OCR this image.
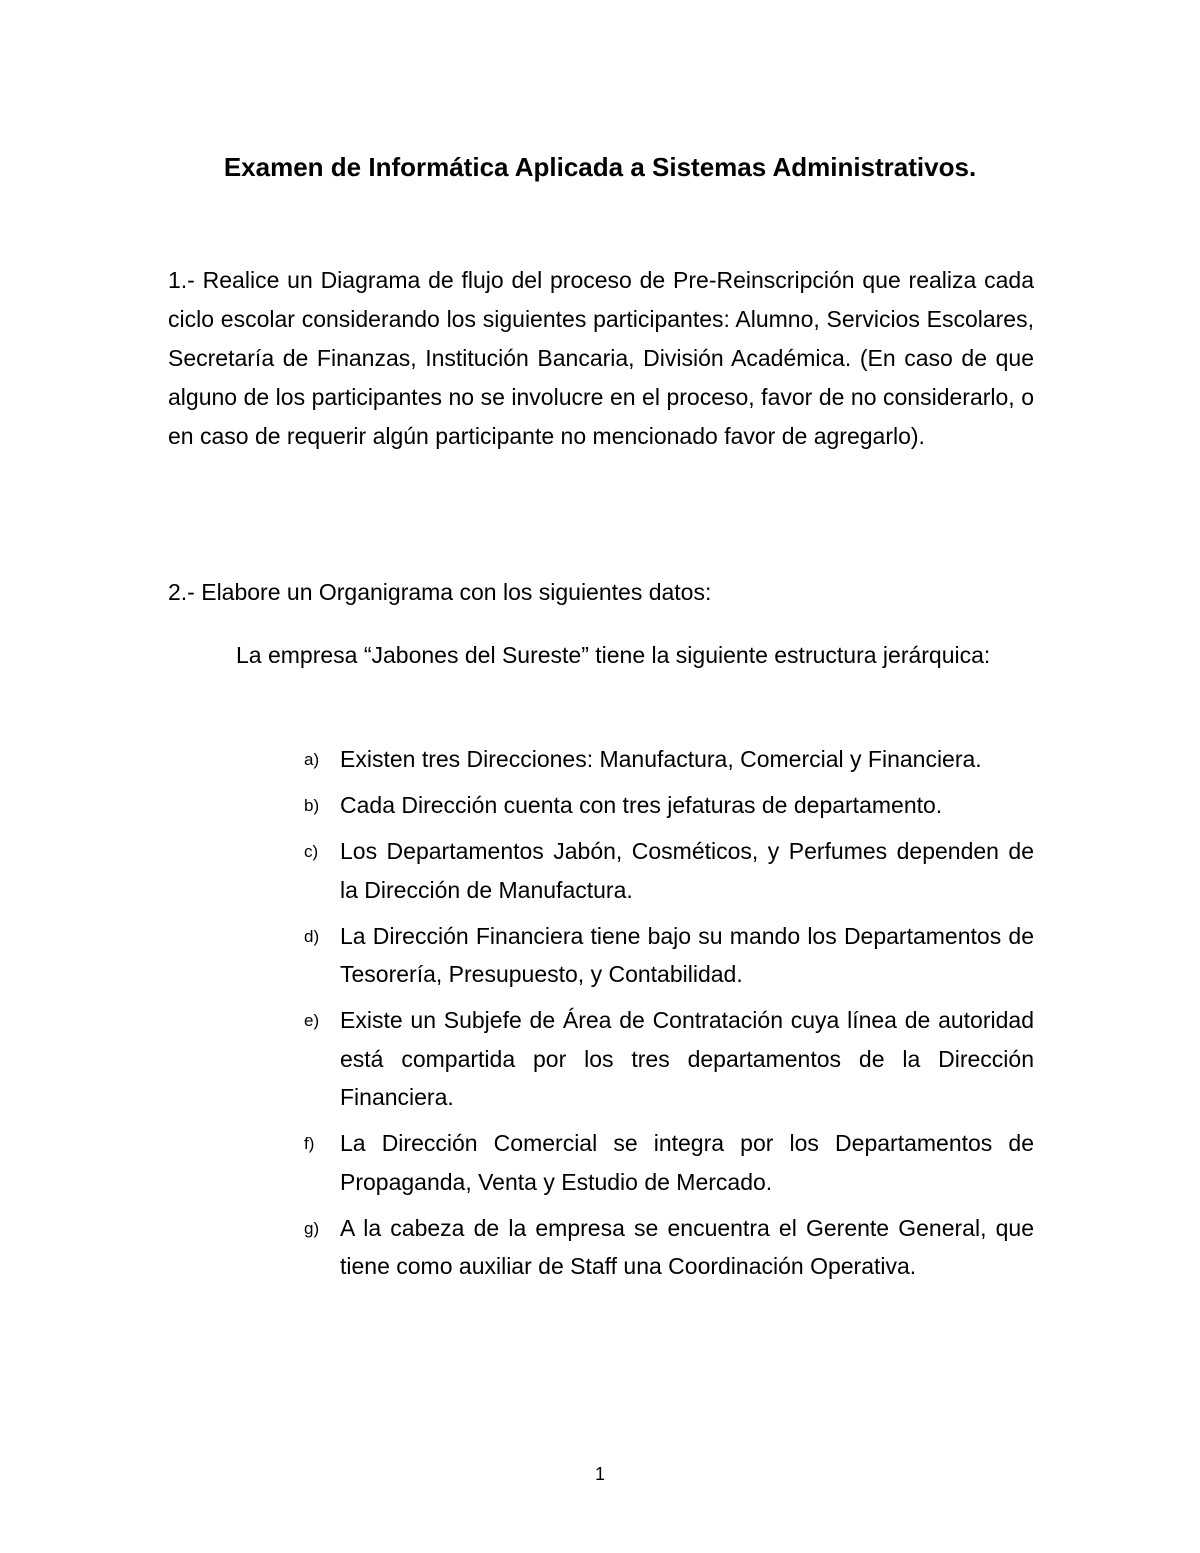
Examen de Informática Aplicada a Sistemas Administrativos.
1.- Realice un Diagrama de flujo del proceso de Pre-Reinscripción que realiza cada ciclo escolar considerando los siguientes participantes: Alumno, Servicios Escolares, Secretaría de Finanzas, Institución Bancaria, División Académica. (En caso de que alguno de los participantes no se involucre en el proceso, favor de no considerarlo, o en caso de requerir algún participante no mencionado favor de agregarlo).
2.- Elabore un Organigrama con los siguientes datos:
La empresa “Jabones del Sureste” tiene la siguiente estructura jerárquica:
a) Existen tres Direcciones: Manufactura, Comercial y Financiera.
b) Cada Dirección cuenta con tres jefaturas de departamento.
c) Los Departamentos Jabón, Cosméticos, y Perfumes dependen de la Dirección de Manufactura.
d) La Dirección Financiera tiene bajo su mando los Departamentos de Tesorería, Presupuesto, y Contabilidad.
e) Existe un Subjefe de Área de Contratación cuya línea de autoridad está compartida por los tres departamentos de la Dirección Financiera.
f) La Dirección Comercial se integra por los Departamentos de Propaganda, Venta y Estudio de Mercado.
g) A la cabeza de la empresa se encuentra el Gerente General, que tiene como auxiliar de Staff una Coordinación Operativa.
1
